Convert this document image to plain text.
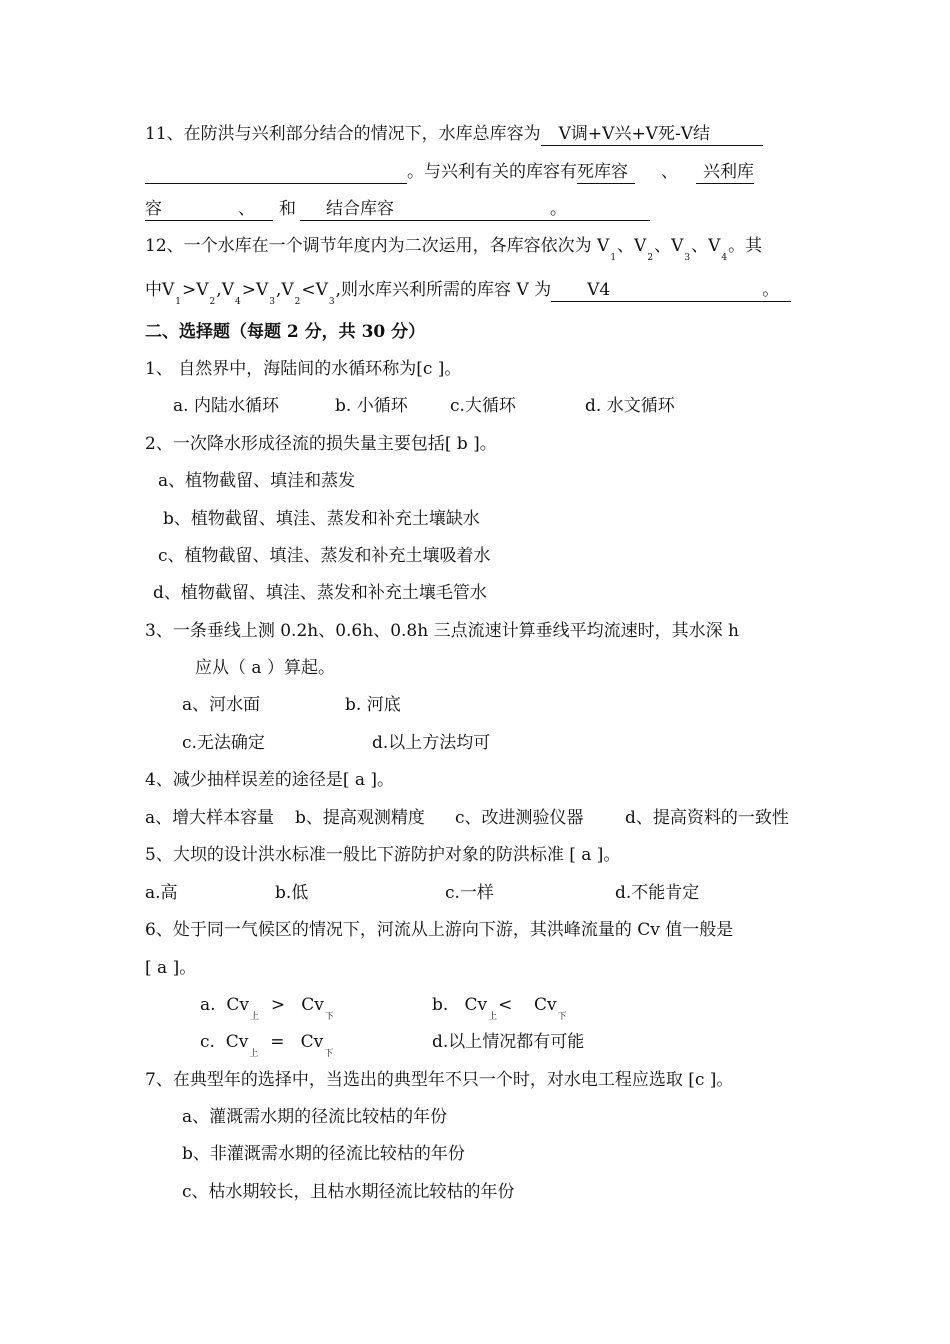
11、在防洪与兴利部分结合的情况下，水库总库容为 V调+V兴+V死-V结
。与兴利有关的库容有死库容 、 兴利库
容	、 和 结合库容	。
12、一个水库在一个调节年度内为二次运用，各库容依次为 $V_1$、$V_2$、$V_3$、$V_4$。其
中$V_1>V_2,V_4>V_3,V_2<V_3$,则水库兴利所需的库容 V 为 V4	。
二、选择题（每题 2 分，共 30 分）
1、 自然界中，海陆间的水循环称为[c ]。
a. 内陆水循环	b. 小循环 c.大循环	d. 水文循环
2、一次降水形成径流的损失量主要包括[ b ]。
a、植物截留、填洼和蒸发
b、植物截留、填洼、蒸发和补充土壤缺水
c、植物截留、填洼、蒸发和补充土壤吸着水
d、植物截留、填洼、蒸发和补充土壤毛管水
3、一条垂线上测 0.2h、0.6h、0.8h 三点流速计算垂线平均流速时，其水深 h
应从（ a ）算起。
a、河水面	b. 河底
c.无法确定	d.以上方法均可
4、减少抽样误差的途径是[ a ]。
a、增大样本容量 b、提高观测精度 c、改进测验仪器 d、提高资料的一致性
5、大坝的设计洪水标准一般比下游防护对象的防洪标准 [ a ]。
a.高	b.低	c.一样	d.不能肯定
6、处于同一气候区的情况下，河流从上游向下游，其洪峰流量的 Cv 值一般是
[ a ]。
a. $Cv_上 > Cv_下$
b. $Cv_上< Cv_下$
c. $Cv_上 = Cv_下$
d.以上情况都有可能
7、在典型年的选择中，当选出的典型年不只一个时，对水电工程应选取 [c ]。
a、灌溉需水期的径流比较枯的年份
b、非灌溉需水期的径流比较枯的年份
c、枯水期较长，且枯水期径流比较枯的年份
